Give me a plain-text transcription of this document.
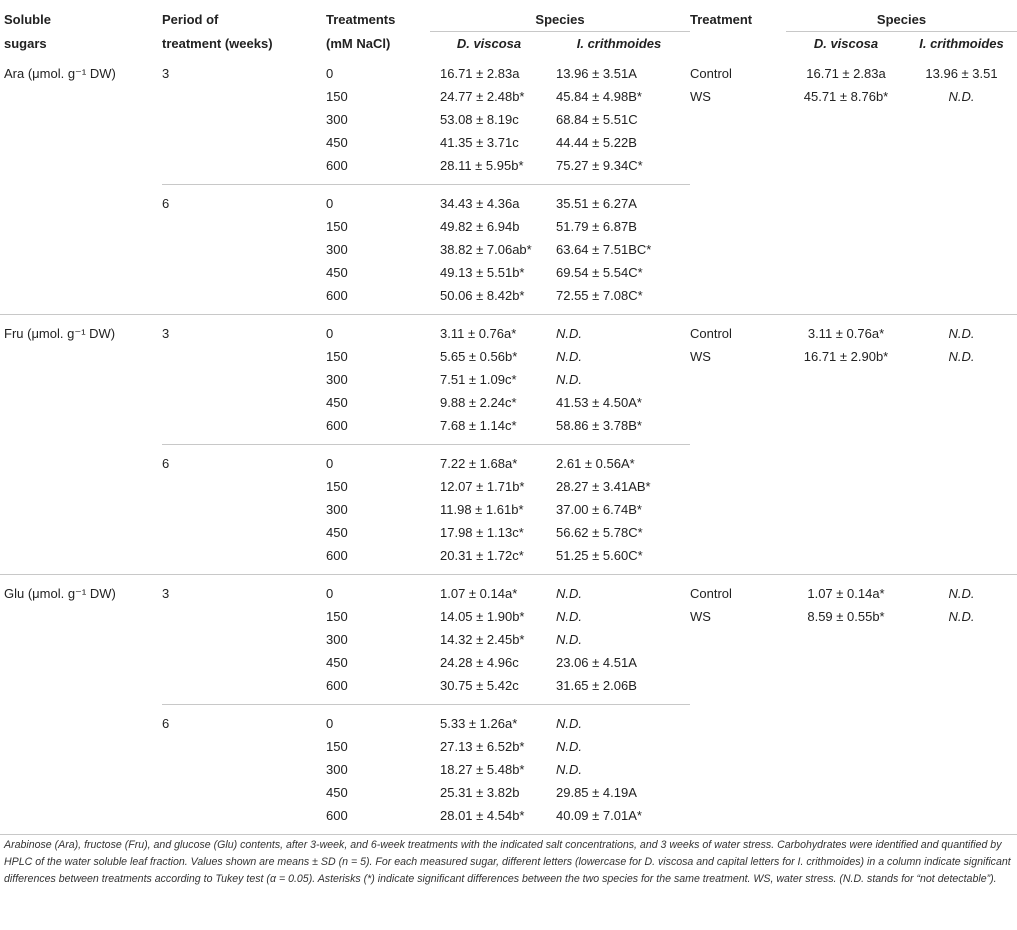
Soluble	Period of	Treatments	Species		Treatment	Species	
sugars	treatment (weeks)	(mM NaCl)	D. viscosa	I. crithmoides		D. viscosa	I. crithmoides
Ara (μmol. g⁻¹ DW)	3	0	16.71 ± 2.83a	13.96 ± 3.51A	Control	16.71 ± 2.83a	13.96 ± 3.51
		150	24.77 ± 2.48b*	45.84 ± 4.98B*	WS	45.71 ± 8.76b*	N.D.
		300	53.08 ± 8.19c	68.84 ± 5.51C			
		450	41.35 ± 3.71c	44.44 ± 5.22B			
		600	28.11 ± 5.95b*	75.27 ± 9.34C*			
	6	0	34.43 ± 4.36a	35.51 ± 6.27A			
		150	49.82 ± 6.94b	51.79 ± 6.87B			
		300	38.82 ± 7.06ab*	63.64 ± 7.51BC*			
		450	49.13 ± 5.51b*	69.54 ± 5.54C*			
		600	50.06 ± 8.42b*	72.55 ± 7.08C*			
Fru (μmol. g⁻¹ DW)	3	0	3.11 ± 0.76a*	N.D.	Control	3.11 ± 0.76a*	N.D.
		150	5.65 ± 0.56b*	N.D.	WS	16.71 ± 2.90b*	N.D.
		300	7.51 ± 1.09c*	N.D.			
		450	9.88 ± 2.24c*	41.53 ± 4.50A*			
		600	7.68 ± 1.14c*	58.86 ± 3.78B*			
	6	0	7.22 ± 1.68a*	2.61 ± 0.56A*			
		150	12.07 ± 1.71b*	28.27 ± 3.41AB*			
		300	11.98 ± 1.61b*	37.00 ± 6.74B*			
		450	17.98 ± 1.13c*	56.62 ± 5.78C*			
		600	20.31 ± 1.72c*	51.25 ± 5.60C*			
Glu (μmol. g⁻¹ DW)	3	0	1.07 ± 0.14a*	N.D.	Control	1.07 ± 0.14a*	N.D.
		150	14.05 ± 1.90b*	N.D.	WS	8.59 ± 0.55b*	N.D.
		300	14.32 ± 2.45b*	N.D.			
		450	24.28 ± 4.96c	23.06 ± 4.51A			
		600	30.75 ± 5.42c	31.65 ± 2.06B			
	6	0	5.33 ± 1.26a*	N.D.			
		150	27.13 ± 6.52b*	N.D.			
		300	18.27 ± 5.48b*	N.D.			
		450	25.31 ± 3.82b	29.85 ± 4.19A			
		600	28.01 ± 4.54b*	40.09 ± 7.01A*			
Arabinose (Ara), fructose (Fru), and glucose (Glu) contents, after 3-week, and 6-week treatments with the indicated salt concentrations, and 3 weeks of water stress. Carbohydrates were identified and quantified by HPLC of the water soluble leaf fraction. Values shown are means ± SD (n = 5). For each measured sugar, different letters (lowercase for D. viscosa and capital letters for I. crithmoides) in a column indicate significant differences between treatments according to Tukey test (α = 0.05). Asterisks (*) indicate significant differences between the two species for the same treatment. WS, water stress. (N.D. stands for “not detectable”).
